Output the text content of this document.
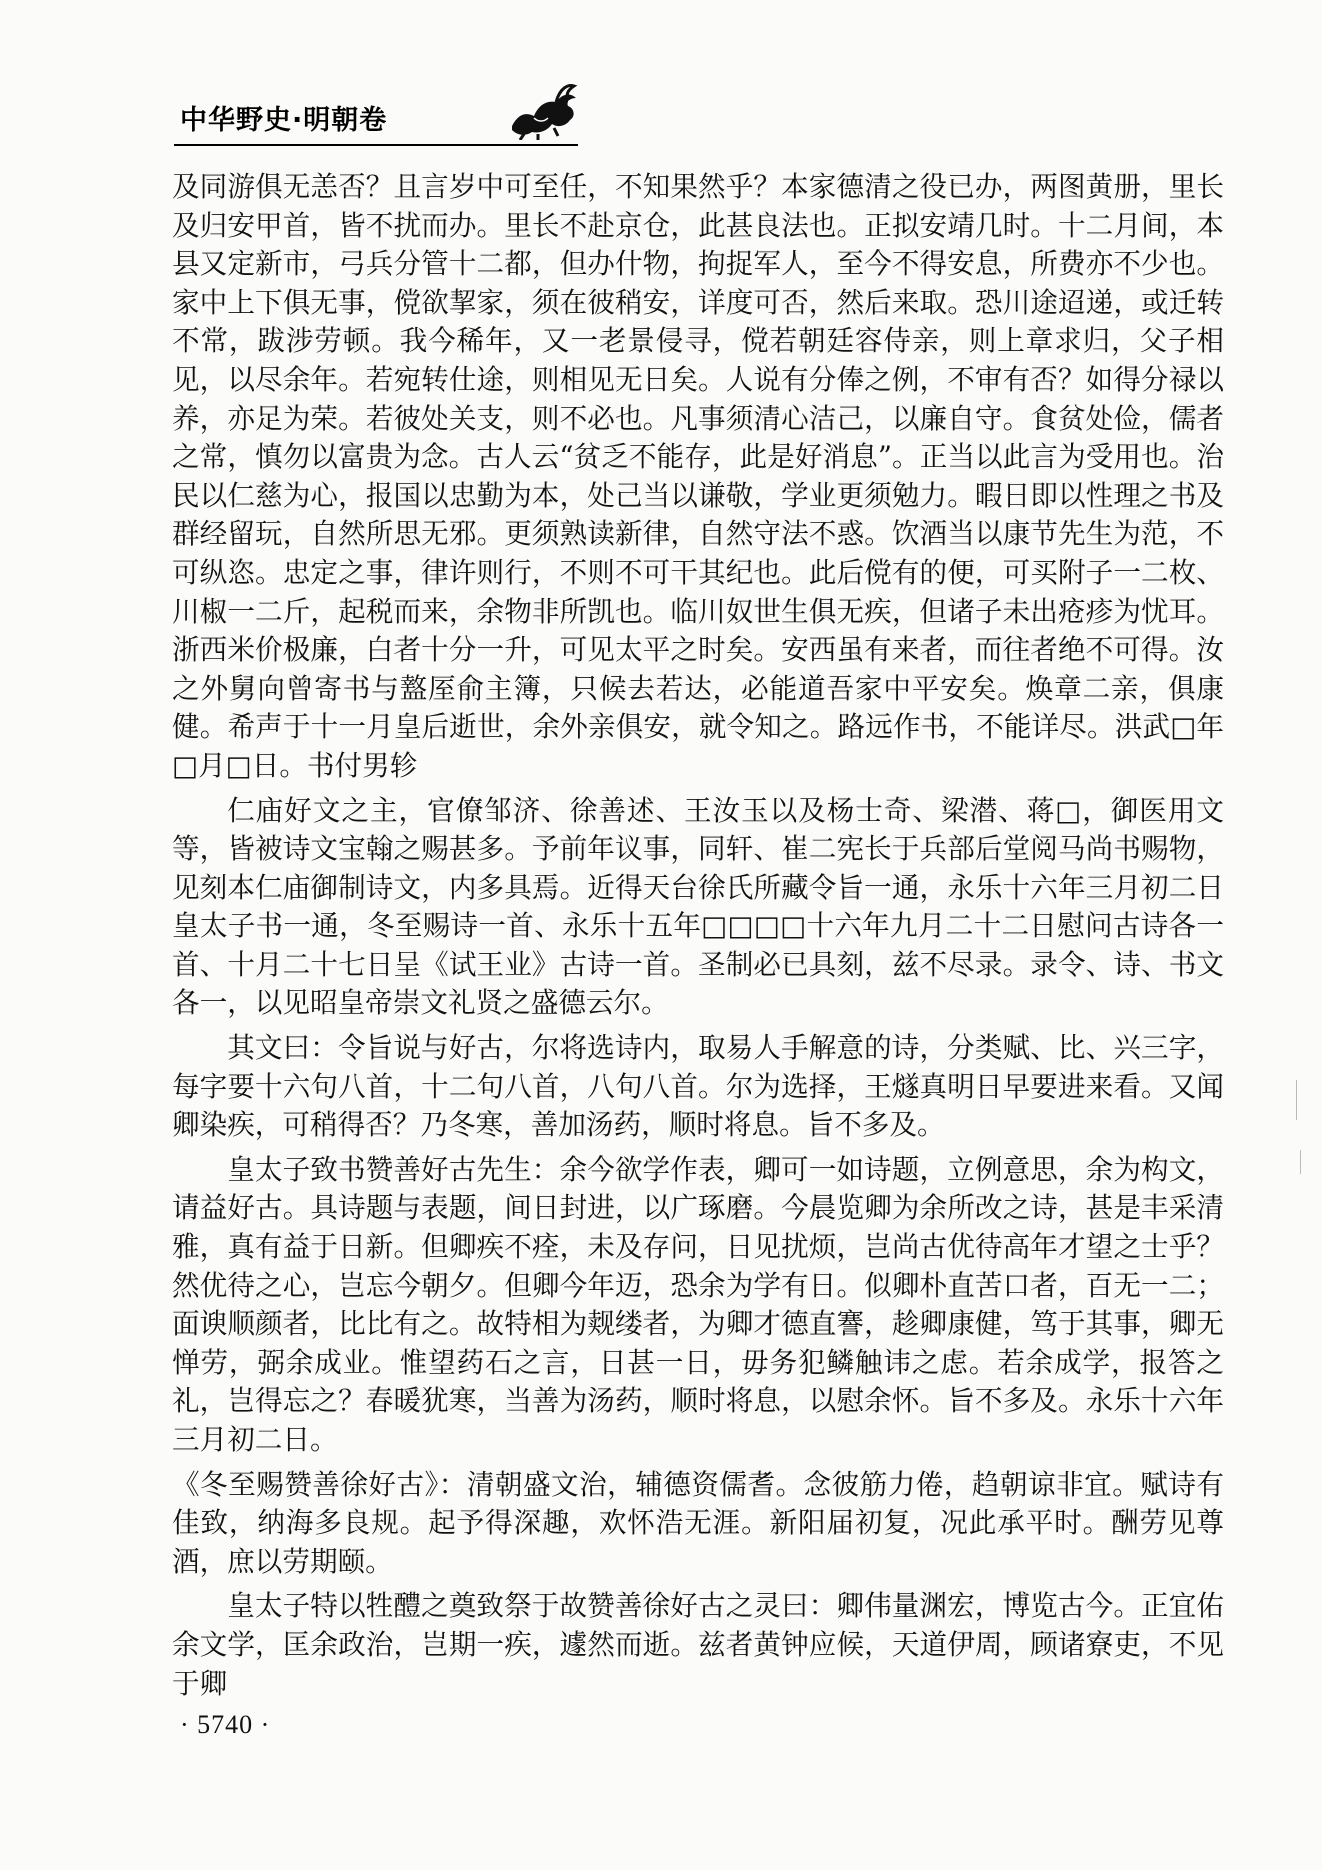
中华野史·明朝卷

及同游俱无恙否？且言岁中可至任，不知果然乎？本家德清之役已办，两图黄册，里长及归安甲首，皆不扰而办。里长不赴京仓，此甚良法也。正拟安靖几时。十二月间，本县又定新市，弓兵分管十二都，但办什物，拘捉军人，至今不得安息，所费亦不少也。家中上下俱无事，傥欲挈家，须在彼稍安，详度可否，然后来取。恐川途迢递，或迁转不常，跋涉劳顿。我今稀年，又一老景侵寻，傥若朝廷容侍亲，则上章求归，父子相见，以尽余年。若宛转仕途，则相见无日矣。人说有分俸之例，不审有否？如得分禄以养，亦足为荣。若彼处关支，则不必也。凡事须清心洁己，以廉自守。食贫处俭，儒者之常，慎勿以富贵为念。古人云“贫乏不能存，此是好消息”。正当以此言为受用也。治民以仁慈为心，报国以忠勤为本，处己当以谦敬，学业更须勉力。暇日即以性理之书及群经留玩，自然所思无邪。更须熟读新律，自然守法不惑。饮酒当以康节先生为范，不可纵恣。忠定之事，律许则行，不则不可干其纪也。此后傥有的便，可买附子一二枚、川椒一二斤，起税而来，余物非所凯也。临川奴世生俱无疾，但诸子未出疮疹为忧耳。浙西米价极廉，白者十分一升，可见太平之时矣。安西虽有来者，而往者绝不可得。汝之外舅向曾寄书与盩厔俞主簿，只候去若达，必能道吾家中平安矣。焕章二亲，俱康健。希声于十一月皇后逝世，余外亲俱安，就令知之。路远作书，不能详尽。洪武□年□月□日。书付男轸

仁庙好文之主，官僚邹济、徐善述、王汝玉以及杨士奇、梁潜、蒋□，御医用文等，皆被诗文宝翰之赐甚多。予前年议事，同轩、崔二宪长于兵部后堂阅马尚书赐物，见刻本仁庙御制诗文，内多具焉。近得天台徐氏所藏令旨一通，永乐十六年三月初二日皇太子书一通，冬至赐诗一首、永乐十五年□□□□十六年九月二十二日慰问古诗各一首、十月二十七日呈《试王业》古诗一首。圣制必已具刻，兹不尽录。录令、诗、书文各一，以见昭皇帝崇文礼贤之盛德云尔。

其文曰：令旨说与好古，尔将选诗内，取易人手解意的诗，分类赋、比、兴三字，每字要十六句八首，十二句八首，八句八首。尔为选择，王燧真明日早要进来看。又闻卿染疾，可稍得否？乃冬寒，善加汤药，顺时将息。旨不多及。

皇太子致书赞善好古先生：余今欲学作表，卿可一如诗题，立例意思，余为构文，请益好古。具诗题与表题，间日封进，以广琢磨。今晨览卿为余所改之诗，甚是丰采清雅，真有益于日新。但卿疾不痊，未及存问，日见扰烦，岂尚古优待高年才望之士乎？然优待之心，岂忘今朝夕。但卿今年迈，恐余为学有日。似卿朴直苦口者，百无一二；面谀顺颜者，比比有之。故特相为觌缕者，为卿才德直謇，趁卿康健，笃于其事，卿无惮劳，弼余成业。惟望药石之言，日甚一日，毋务犯鳞触讳之虑。若余成学，报答之礼，岂得忘之？春暖犹寒，当善为汤药，顺时将息，以慰余怀。旨不多及。永乐十六年三月初二日。

《冬至赐赞善徐好古》：清朝盛文治，辅德资儒耆。念彼筋力倦，趋朝谅非宜。赋诗有佳致，纳海多良规。起予得深趣，欢怀浩无涯。新阳届初复，况此承平时。酬劳见尊酒，庶以劳期颐。

皇太子特以牲醴之奠致祭于故赞善徐好古之灵曰：卿伟量渊宏，博览古今。正宜佑余文学，匡余政治，岂期一疾，遽然而逝。兹者黄钟应候，天道伊周，顾诸寮吏，不见于卿

· 5740 ·
